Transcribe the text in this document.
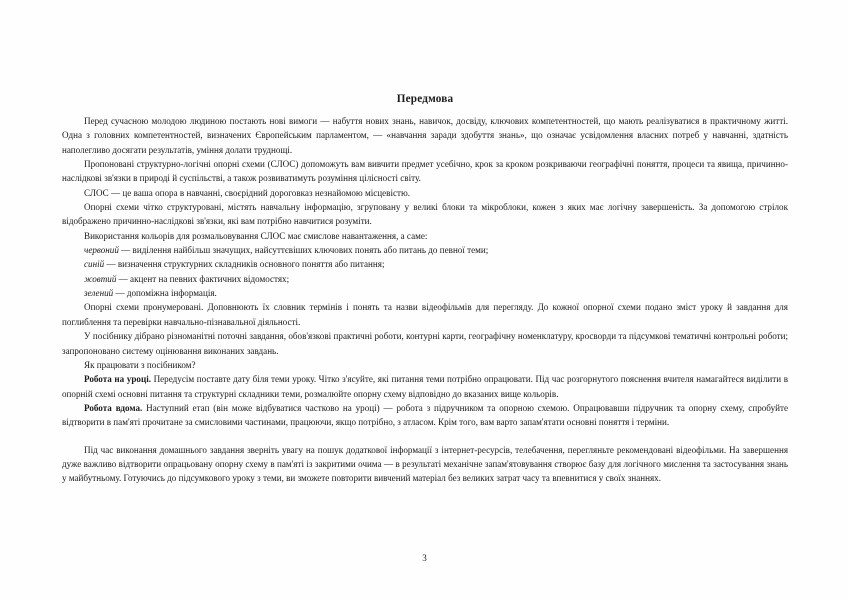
Передмова

Перед сучасною молодою людиною постають нові вимоги — набуття нових знань, навичок, досвіду, ключових компетентностей, що мають реалізуватися в практичному житті. Одна з головних компетентностей, визначених Європейським парламентом, — «навчання заради здобуття знань», що означає усвідомлення власних потреб у навчанні, здатність наполегливо досягати результатів, уміння долати труднощі.

Пропоновані структурно-логічні опорні схеми (СЛОС) допоможуть вам вивчити предмет усебічно, крок за кроком розкриваючи географічні поняття, процеси та явища, причинно-наслідкові зв'язки в природі й суспільстві, а також розвиватимуть розуміння цілісності світу.

СЛОС — це ваша опора в навчанні, своєрідний дороговказ незнайомою місцевістю.

Опорні схеми чітко структуровані, містять навчальну інформацію, згруповану у великі блоки та мікроблоки, кожен з яких має логічну завершеність. За допомогою стрілок відображено причинно-наслідкові зв'язки, які вам потрібно навчитися розуміти.

Використання кольорів для розмальовування СЛОС має смислове навантаження, а саме:

червоний — виділення найбільш значущих, найсуттєвіших ключових понять або питань до певної теми;

синій — визначення структурних складників основного поняття або питання;

жовтий — акцент на певних фактичних відомостях;

зелений — допоміжна інформація.

Опорні схеми пронумеровані. Доповнюють їх словник термінів і понять та назви відеофільмів для перегляду. До кожної опорної схеми подано зміст уроку й завдання для поглиблення та перевірки навчально-пізнавальної діяльності.

У посібнику дібрано різноманітні поточні завдання, обов'язкові практичні роботи, контурні карти, географічну номенклатуру, кросворди та підсумкові тематичні контрольні роботи; запропоновано систему оцінювання виконаних завдань.

Як працювати з посібником?

Робота на уроці. Передусім поставте дату біля теми уроку. Чітко з'ясуйте, які питання теми потрібно опрацювати. Під час розгорнутого пояснення вчителя намагайтеся виділити в опорній схемі основні питання та структурні складники теми, розмалюйте опорну схему відповідно до вказаних вище кольорів.

Робота вдома. Наступний етап (він може відбуватися частково на уроці) — робота з підручником та опорною схемою. Опрацювавши підручник та опорну схему, спробуйте відтворити в пам'яті прочитане за смисловими частинами, працюючи, якщо потрібно, з атласом. Крім того, вам варто запам'ятати основні поняття і терміни.

Під час виконання домашнього завдання зверніть увагу на пошук додаткової інформації з інтернет-ресурсів, телебачення, перегляньте рекомендовані відеофільми. На завершення дуже важливо відтворити опрацьовану опорну схему в пам'яті із закритими очима — в результаті механічне запам'ятовування створює базу для логічного мислення та застосування знань у майбутньому. Готуючись до підсумкового уроку з теми, ви зможете повторити вивчений матеріал без великих затрат часу та впевнитися у своїх знаннях.

3
